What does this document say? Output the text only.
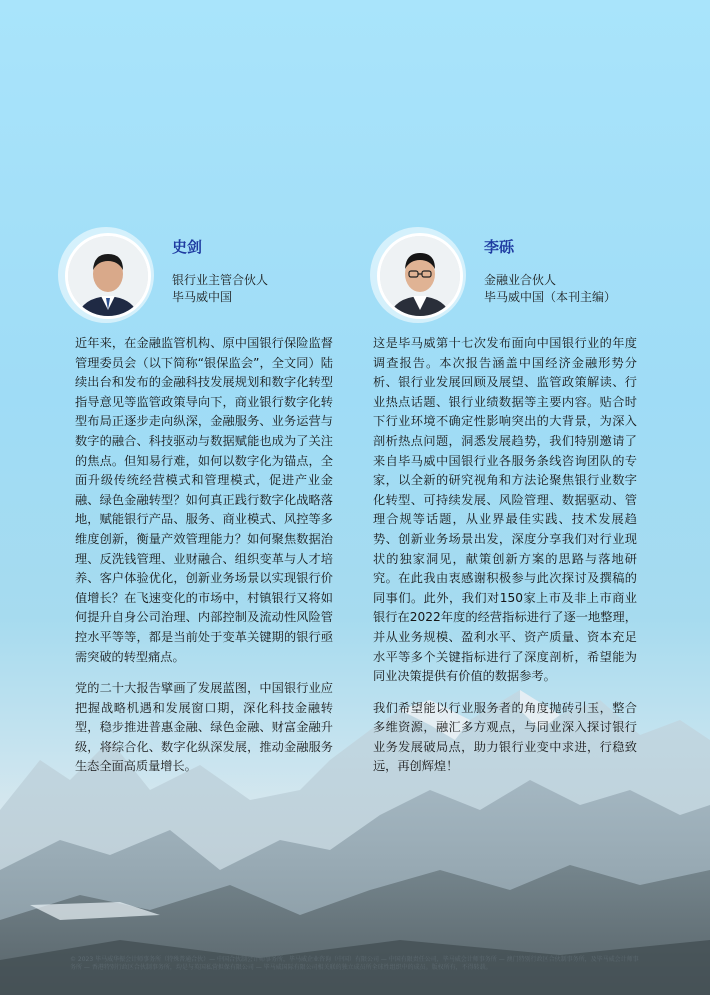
史剑
银行业主管合伙人
毕马威中国
李砾
金融业合伙人
毕马威中国（本刊主编）

近年来，在金融监管机构、原中国银行保险监督管理委员会（以下简称“银保监会”，全文同）陆续出台和发布的金融科技发展规划和数字化转型指导意见等监管政策导向下，商业银行数字化转型布局正逐步走向纵深，金融服务、业务运营与数字的融合、科技驱动与数据赋能也成为了关注的焦点。但知易行难，如何以数字化为锚点，全面升级传统经营模式和管理模式，促进产业金融、绿色金融转型？如何真正践行数字化战略落地，赋能银行产品、服务、商业模式、风控等多维度创新，衡量产效管理能力？如何聚焦数据治理、反洗钱管理、业财融合、组织变革与人才培养、客户体验优化，创新业务场景以实现银行价值增长？在飞速变化的市场中，村镇银行又将如何提升自身公司治理、内部控制及流动性风险管控水平等等，都是当前处于变革关键期的银行亟需突破的转型痛点。

党的二十大报告擘画了发展蓝图，中国银行业应把握战略机遇和发展窗口期，深化科技金融转型，稳步推进普惠金融、绿色金融、财富金融升级，将综合化、数字化纵深发展，推动金融服务生态全面高质量增长。

这是毕马威第十七次发布面向中国银行业的年度调查报告。本次报告涵盖中国经济金融形势分析、银行业发展回顾及展望、监管政策解读、行业热点话题、银行业绩数据等主要内容。贴合时下行业环境不确定性影响突出的大背景，为深入剖析热点问题，洞悉发展趋势，我们特别邀请了来自毕马威中国银行业各服务条线咨询团队的专家，以全新的研究视角和方法论聚焦银行业数字化转型、可持续发展、风险管理、数据驱动、管理合规等话题，从业界最佳实践、技术发展趋势、创新业务场景出发，深度分享我们对行业现状的独家洞见，献策创新方案的思路与落地研究。在此我由衷感谢积极参与此次探讨及撰稿的同事们。此外，我们对150家上市及非上市商业银行在2022年度的经营指标进行了逐一地整理，并从业务规模、盈利水平、资产质量、资本充足水平等多个关键指标进行了深度剖析，希望能为同业决策提供有价值的数据参考。

我们希望能以行业服务者的角度抛砖引玉，整合多维资源，融汇多方观点，与同业深入探讨银行业务发展破局点，助力银行业变中求进，行稳致远，再创辉煌！

© 2023 毕马威华振会计师事务所（特殊普通合伙）— 中国合伙制会计师事务所，毕马威企业咨询（中国）有限公司 — 中国有限责任公司，毕马威会计师事务所 — 澳门特别行政区合伙制事务所，及毕马威会计师事务所 — 香港特别行政区合伙制事务所，均是与英国私营担保有限公司 — 毕马威国际有限公司相关联的独立成员所全球性组织中的成员。版权所有，不得转载。
